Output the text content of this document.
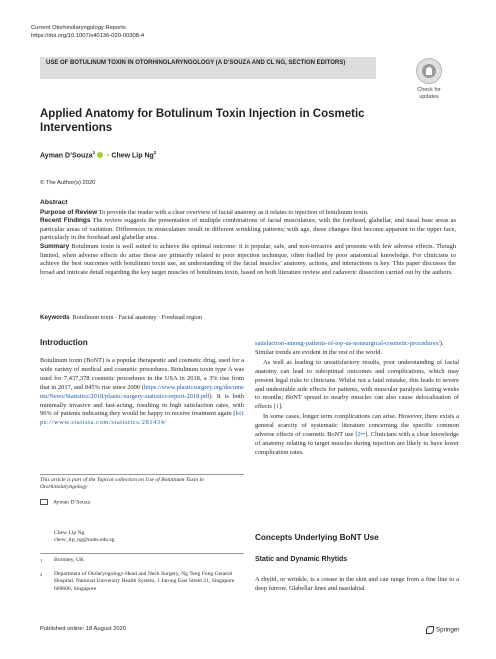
Current Otorhinolaryngology Reports
https://doi.org/10.1007/s40136-020-00308-4
USE OF BOTULINUM TOXIN IN OTORHINOLARYNGOLOGY (A D’SOUZA AND CL NG, SECTION EDITORS)
Check for
updates
Applied Anatomy for Botulinum Toxin Injection in Cosmetic Interventions
Ayman D’Souza$^1$ · Chew Lip Ng$^2$
© The Author(s) 2020
Abstract

Purpose of Review To provide the reader with a clear overview of facial anatomy as it relates to injection of botulinum toxin.

Recent Findings The review suggests the presentation of multiple combinations of facial musculature, with the forehead, glabellar, and nasal base areas as particular areas of variation. Differences in musculature result in different wrinkling patterns; with age, these changes first become apparent in the upper face, particularly in the forehead and glabellar area.

Summary Botulinum toxin is well suited to achieve the optimal outcome: it is popular, safe, and non-invasive and presents with few adverse effects. Though limited, when adverse effects do arise these are primarily related to poor injection technique, often fuelled by poor anatomical knowledge. For clinicians to achieve the best outcomes with botulinum toxin use, an understanding of the facial muscles’ anatomy, actions, and interactions is key. This paper discusses the broad and intricate detail regarding the key target muscles of botulinum toxin, based on both literature review and cadaveric dissection carried out by the authors.

Keywords Botulinum toxin · Facial anatomy · Forehead region
Introduction

Botulinum toxin (BoNT) is a popular therapeutic and cosmetic drug, used for a wide variety of medical and cosmetic procedures. Botulinum toxin type A was used for 7,437,378 cosmetic procedures in the USA in 2018, a 3% rise from that in 2017, and 845% rise since 2000 (https://www.plasticsurgery.org/documents/News/Statistics/2018/plastic-surgery-statistics-report-2018.pdf). It is both minimally invasive and fast-acting, resulting in high satisfaction rates, with 96% of patients indicating they would be happy to receive treatment again (https://www.statista.com/statistics/281434/

This article is part of the Topical collection on Use of Botulinum Toxin in Otorhinolaryngology
Ayman D’Souza
Chew Lip Ng
chew_lip_ng@nuhs.edu.sg
1 Bromley, UK
2	Department of Otolaryngology-Head and Neck Surgery, Ng Teng Fong General Hospital, National University Health System, 1 Jurong East Street 21, Singapore 609606, Singapore
Published online: 18 August 2020

satisfaction-among-patients-of-top-us-nonsurgical-cosmetic-procedures/). Similar trends are evident in the rest of the world.

As well as leading to unsatisfactory results, poor understanding of facial anatomy can lead to suboptimal outcomes and complications, which may present legal risks to clinicians. Whilst not a fatal mistake, this leads to severe and undesirable side effects for patients, with muscular paralysis lasting weeks to months; BoNT spread to nearby muscles can also cause delocalisation of effects [1].

In some cases, longer term complications can arise. However, there exists a general scarcity of systematic literature concerning the specific common adverse effects of cosmetic BoNT use [2••]. Clinicians with a clear knowledge of anatomy relating to target muscles during injection are likely to have lower complication rates.

Concepts Underlying BoNT Use
Static and Dynamic Rhytids

A rhytid, or wrinkle, is a crease in the skin and can range from a fine line to a deep furrow. Glabellar lines and nasolabial

Springer
